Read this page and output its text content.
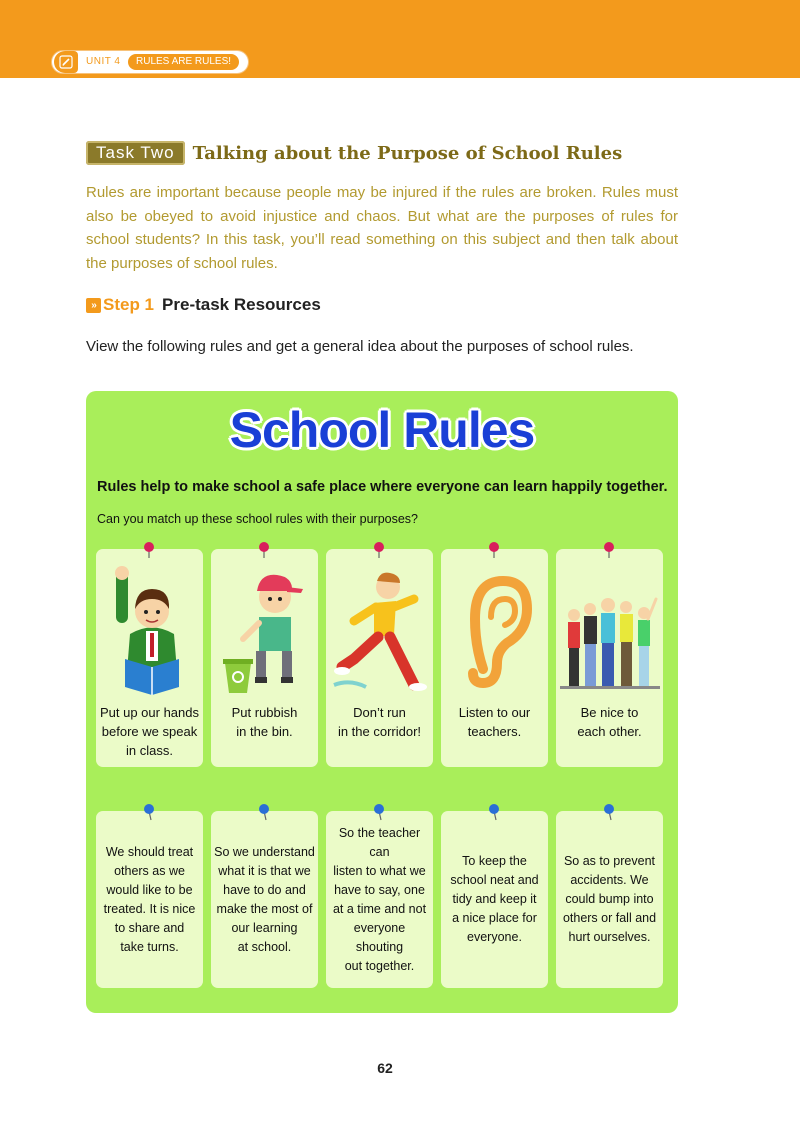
UNIT 4	RULES ARE RULES!
Task Two	Talking about the Purpose of School Rules

Rules are important because people may be injured if the rules are broken. Rules must also be obeyed to avoid injustice and chaos. But what are the purposes of rules for school students? In this task, you’ll read something on this subject and then talk about the purposes of school rules.

» Step 1 Pre-task Resources

View the following rules and get a general idea about the purposes of school rules.

School Rules

Rules help to make school a safe place where everyone can learn happily together.

Can you match up these school rules with their purposes?

Put up our hands
before we speak
in class.
Put rubbish
in the bin.
Don’t run
in the corridor!
Listen to our
teachers.
Be nice to
each other.
We should treat
others as we
would like to be
treated. It is nice
to share and
take turns.
So we understand
what it is that we
have to do and
make the most of
our learning
at school.
So the teacher can
listen to what we
have to say, one
at a time and not
everyone shouting
out together.
To keep the
school neat and
tidy and keep it
a nice place for
everyone.
So as to prevent
accidents. We
could bump into
others or fall and
hurt ourselves.
62
